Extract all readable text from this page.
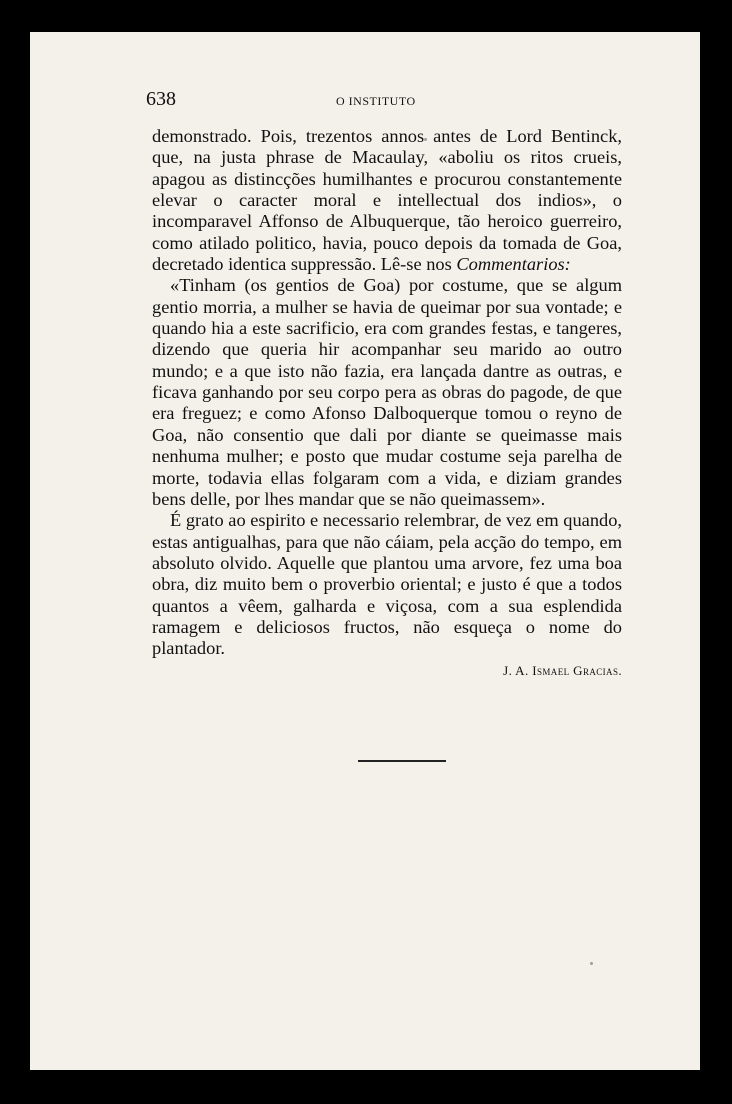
638	O INSTITUTO

demonstrado. Pois, trezentos annos antes de Lord Bentinck, que, na justa phrase de Macaulay, «aboliu os ritos crueis, apagou as distincções humilhantes e procurou constantemente elevar o caracter moral e intellectual dos indios», o incomparavel Affonso de Albuquerque, tão heroico guerreiro, como atilado politico, havia, pouco depois da tomada de Goa, decretado identica suppressão. Lê-se nos Commentarios:

«Tinham (os gentios de Goa) por costume, que se algum gentio morria, a mulher se havia de queimar por sua vontade; e quando hia a este sacrificio, era com grandes festas, e tangeres, dizendo que queria hir acompanhar seu marido ao outro mundo; e a que isto não fazia, era lançada dantre as outras, e ficava ganhando por seu corpo pera as obras do pagode, de que era freguez; e como Afonso Dalboquerque tomou o reyno de Goa, não consentio que dali por diante se queimasse mais nenhuma mulher; e posto que mudar costume seja parelha de morte, todavia ellas folgaram com a vida, e diziam grandes bens delle, por lhes mandar que se não queimassem».

É grato ao espirito e necessario relembrar, de vez em quando, estas antigualhas, para que não cáiam, pela acção do tempo, em absoluto olvido. Aquelle que plantou uma arvore, fez uma boa obra, diz muito bem o proverbio oriental; e justo é que a todos quantos a vêem, galharda e viçosa, com a sua esplendida ramagem e deliciosos fructos, não esqueça o nome do plantador.

J. A. Ismael Gracias.
